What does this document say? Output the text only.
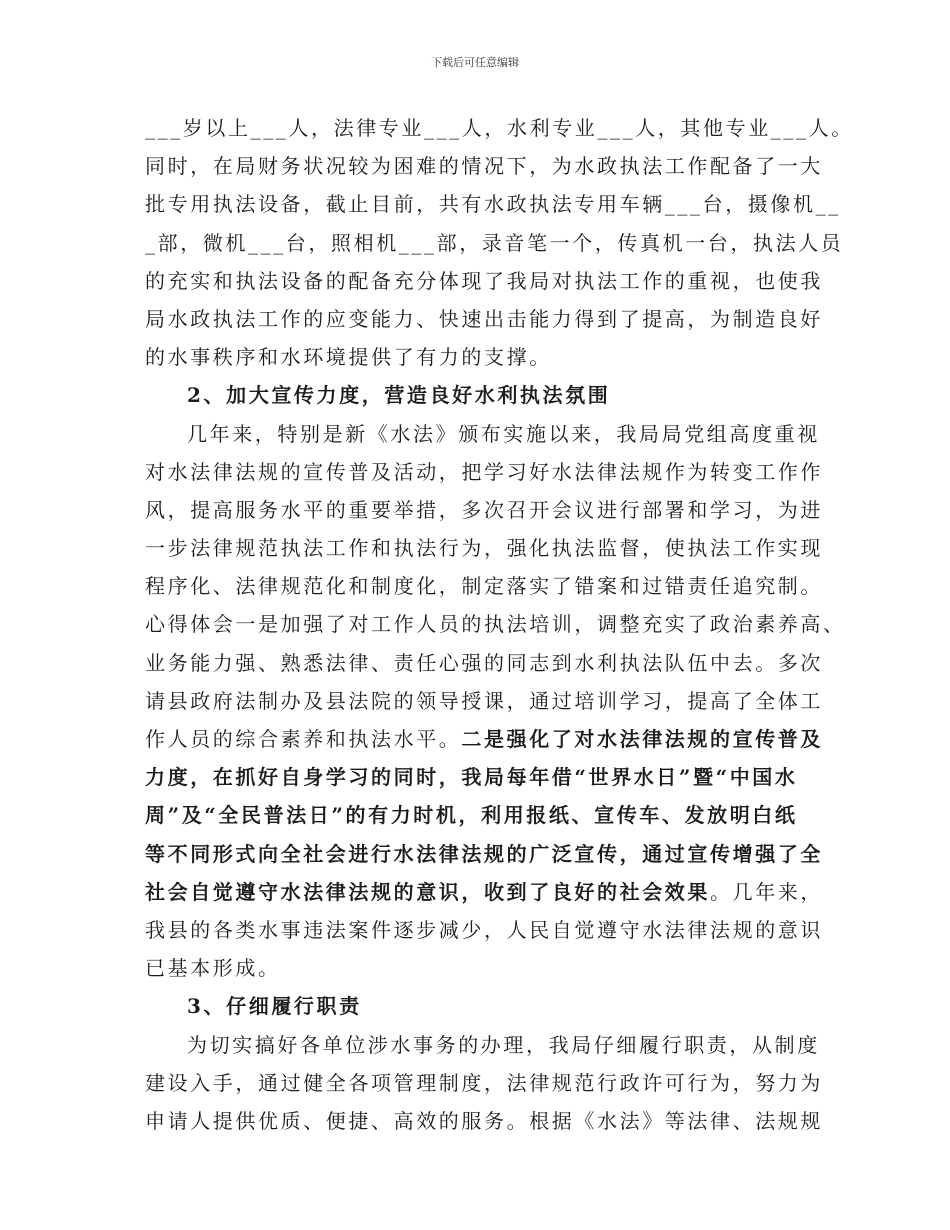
下载后可任意编辑
___岁以上___人，法律专业___人，水利专业___人，其他专业___人。
同时，在局财务状况较为困难的情况下，为水政执法工作配备了一大
批专用执法设备，截止目前，共有水政执法专用车辆___台，摄像机__
_部，微机___台，照相机___部，录音笔一个，传真机一台，执法人员
的充实和执法设备的配备充分体现了我局对执法工作的重视，也使我
局水政执法工作的应变能力、快速出击能力得到了提高，为制造良好
的水事秩序和水环境提供了有力的支撑。
2、加大宣传力度，营造良好水利执法氛围
几年来，特别是新《水法》颁布实施以来，我局局党组高度重视
对水法律法规的宣传普及活动，把学习好水法律法规作为转变工作作
风，提高服务水平的重要举措，多次召开会议进行部署和学习，为进
一步法律规范执法工作和执法行为，强化执法监督，使执法工作实现
程序化、法律规范化和制度化，制定落实了错案和过错责任追究制。
心得体会一是加强了对工作人员的执法培训，调整充实了政治素养高、
业务能力强、熟悉法律、责任心强的同志到水利执法队伍中去。多次
请县政府法制办及县法院的领导授课，通过培训学习，提高了全体工
作人员的综合素养和执法水平。二是强化了对水法律法规的宣传普及
力度，在抓好自身学习的同时，我局每年借“世界水日”暨“中国水
周”及“全民普法日”的有力时机，利用报纸、宣传车、发放明白纸
等不同形式向全社会进行水法律法规的广泛宣传，通过宣传增强了全
社会自觉遵守水法律法规的意识，收到了良好的社会效果。几年来，
我县的各类水事违法案件逐步减少，人民自觉遵守水法律法规的意识
已基本形成。
3、仔细履行职责
为切实搞好各单位涉水事务的办理，我局仔细履行职责，从制度
建设入手，通过健全各项管理制度，法律规范行政许可行为，努力为
申请人提供优质、便捷、高效的服务。根据《水法》等法律、法规规
